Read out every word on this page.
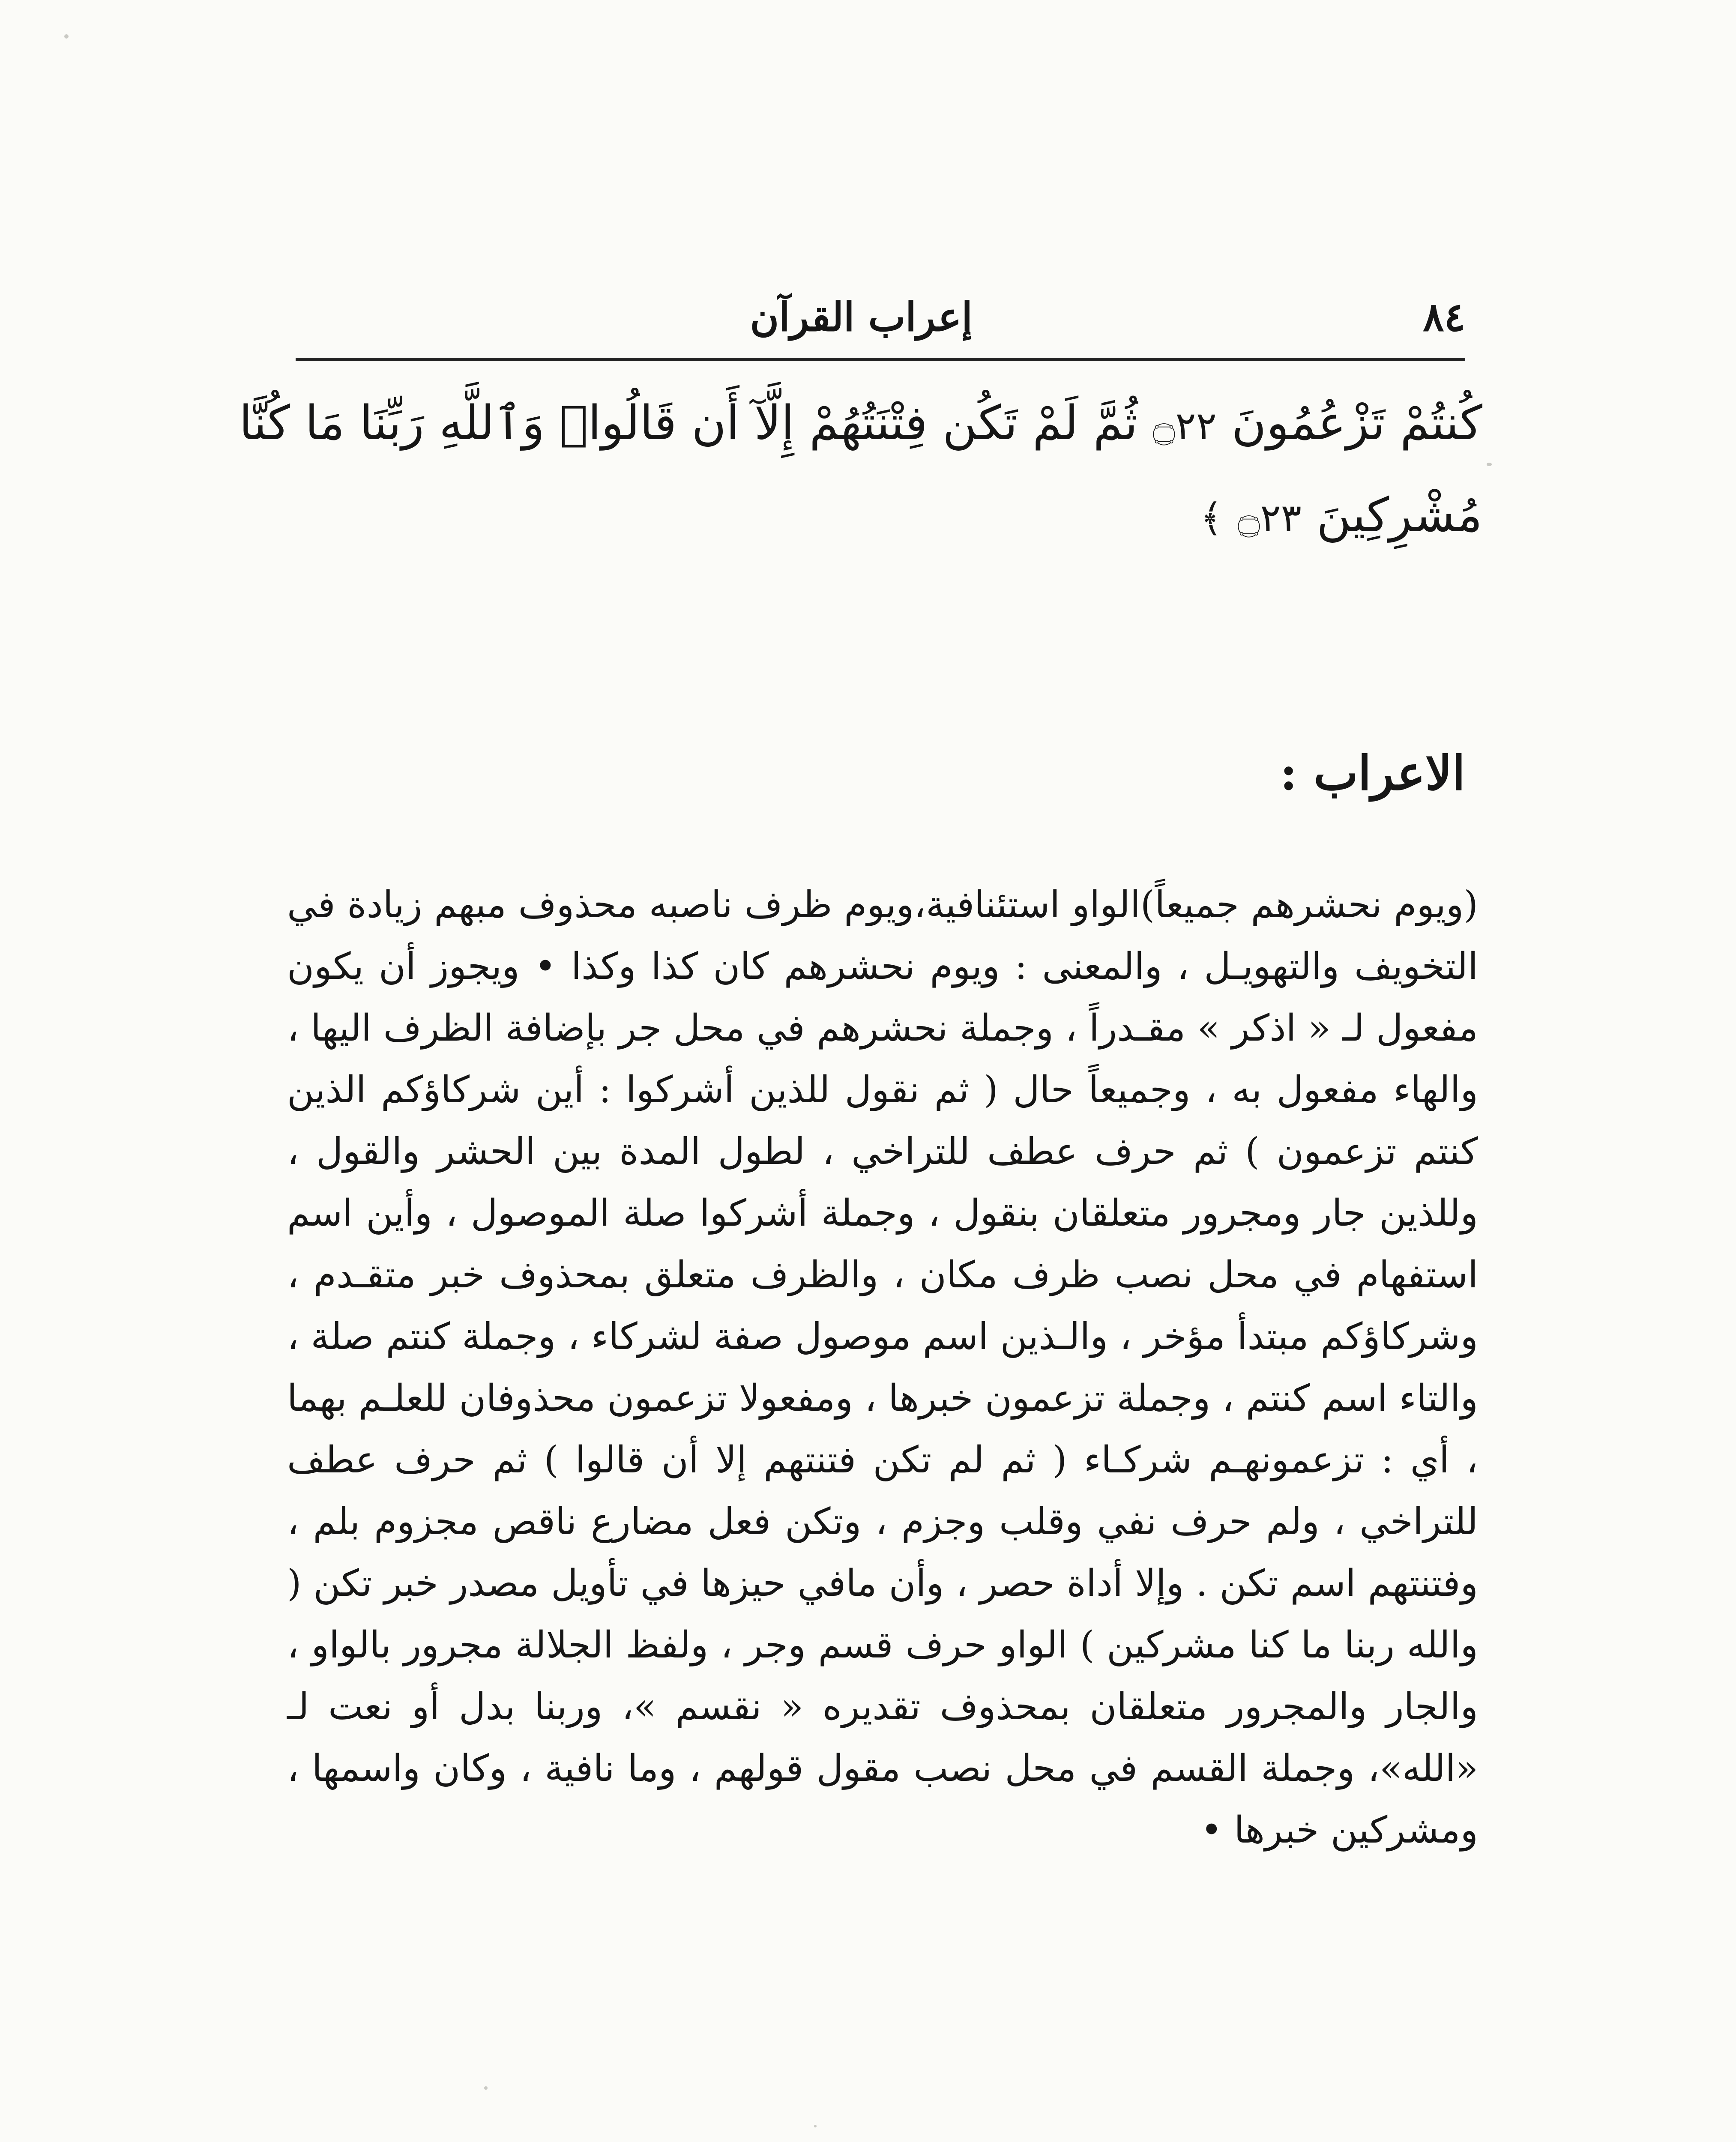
٨٤
إعراب القرآن
كُنتُمْ تَزْعُمُونَ ۝٢٢ ثُمَّ لَمْ تَكُن فِتْنَتُهُمْ إِلَّآ أَن قَالُوا۟ وَٱللَّهِ رَبِّنَا مَا كُنَّا
مُشْرِكِينَ ۝٢٣ ﴾
الاعراب :
(ويوم نحشرهم جميعاً)الواو استئنافية،ويوم ظرف ناصبه محذوف مبهم زيادة في التخويف والتهويـل ، والمعنى : ويوم نحشرهم كان كذا وكذا • ويجوز أن يكون مفعول لـ « اذكر » مقـدراً ، وجملة نحشرهم في محل جر بإضافة الظرف اليها ، والهاء مفعول به ، وجميعاً حال ( ثم نقول للذين أشركوا : أين شركاؤكم الذين كنتم تزعمون ) ثم حرف عطف للتراخي ، لطول المدة بين الحشر والقول ، وللذين جار ومجرور متعلقان بنقول ، وجملة أشركوا صلة الموصول ، وأين اسم استفهام في محل نصب ظرف مكان ، والظرف متعلق بمحذوف خبر متقـدم ، وشركاؤكم مبتدأ مؤخر ، والـذين اسم موصول صفة لشركاء ، وجملة كنتم صلة ، والتاء اسم كنتم ، وجملة تزعمون خبرها ، ومفعولا تزعمون محذوفان للعلـم بهما ، أي : تزعمونهـم شركـاء ( ثم لم تكن فتنتهم إلا أن قالوا ) ثم حرف عطف للتراخي ، ولم حرف نفي وقلب وجزم ، وتكن فعل مضارع ناقص مجزوم بلم ، وفتنتهم اسم تكن . وإلا أداة حصر ، وأن مافي حيزها في تأويل مصدر خبر تكن ( والله ربنا ما كنا مشركين ) الواو حرف قسم وجر ، ولفظ الجلالة مجرور بالواو ، والجار والمجرور متعلقان بمحذوف تقديره « نقسم »، وربنا بدل أو نعت لـ «الله»، وجملة القسم في محل نصب مقول قولهم ، وما نافية ، وكان واسمها ، ومشركين خبرها •
